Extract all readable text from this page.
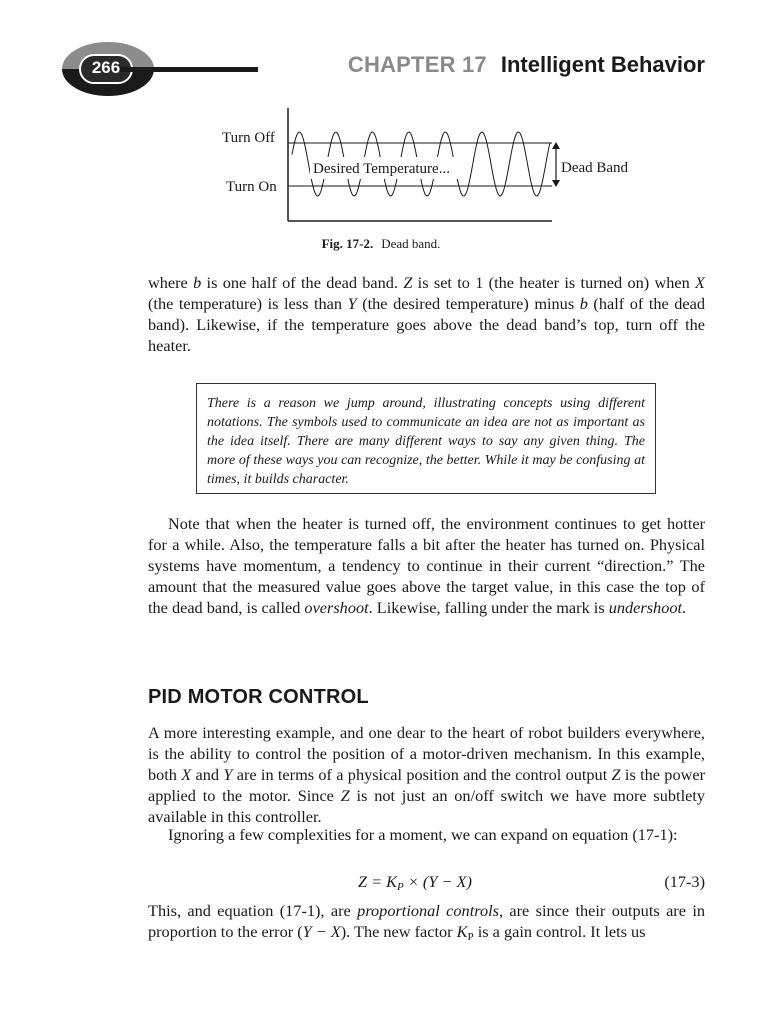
266	CHAPTER 17 Intelligent Behavior
Desired Temperature...
Turn Off
Turn On
Dead Band
Fig. 17-2. Dead band.

where b is one half of the dead band. Z is set to 1 (the heater is turned on) when X (the temperature) is less than Y (the desired temperature) minus b (half of the dead band). Likewise, if the temperature goes above the dead band’s top, turn off the heater.

There is a reason we jump around, illustrating concepts using different notations. The symbols used to communicate an idea are not as important as the idea itself. There are many different ways to say any given thing. The more of these ways you can recognize, the better. While it may be confusing at times, it builds character.

Note that when the heater is turned off, the environment continues to get hotter for a while. Also, the temperature falls a bit after the heater has turned on. Physical systems have momentum, a tendency to continue in their current “direction.” The amount that the measured value goes above the target value, in this case the top of the dead band, is called overshoot. Likewise, falling under the mark is undershoot.

PID MOTOR CONTROL

A more interesting example, and one dear to the heart of robot builders everywhere, is the ability to control the position of a motor-driven mechanism. In this example, both X and Y are in terms of a physical position and the control output Z is the power applied to the motor. Since Z is not just an on/off switch we have more subtlety available in this controller.

Ignoring a few complexities for a moment, we can expand on equation (17-1):

$Z = K_P \times (Y - X)$	(17-3)

This, and equation (17-1), are proportional controls, are since their outputs are in proportion to the error (Y − X). The new factor $K_P$ is a gain control. It lets us
